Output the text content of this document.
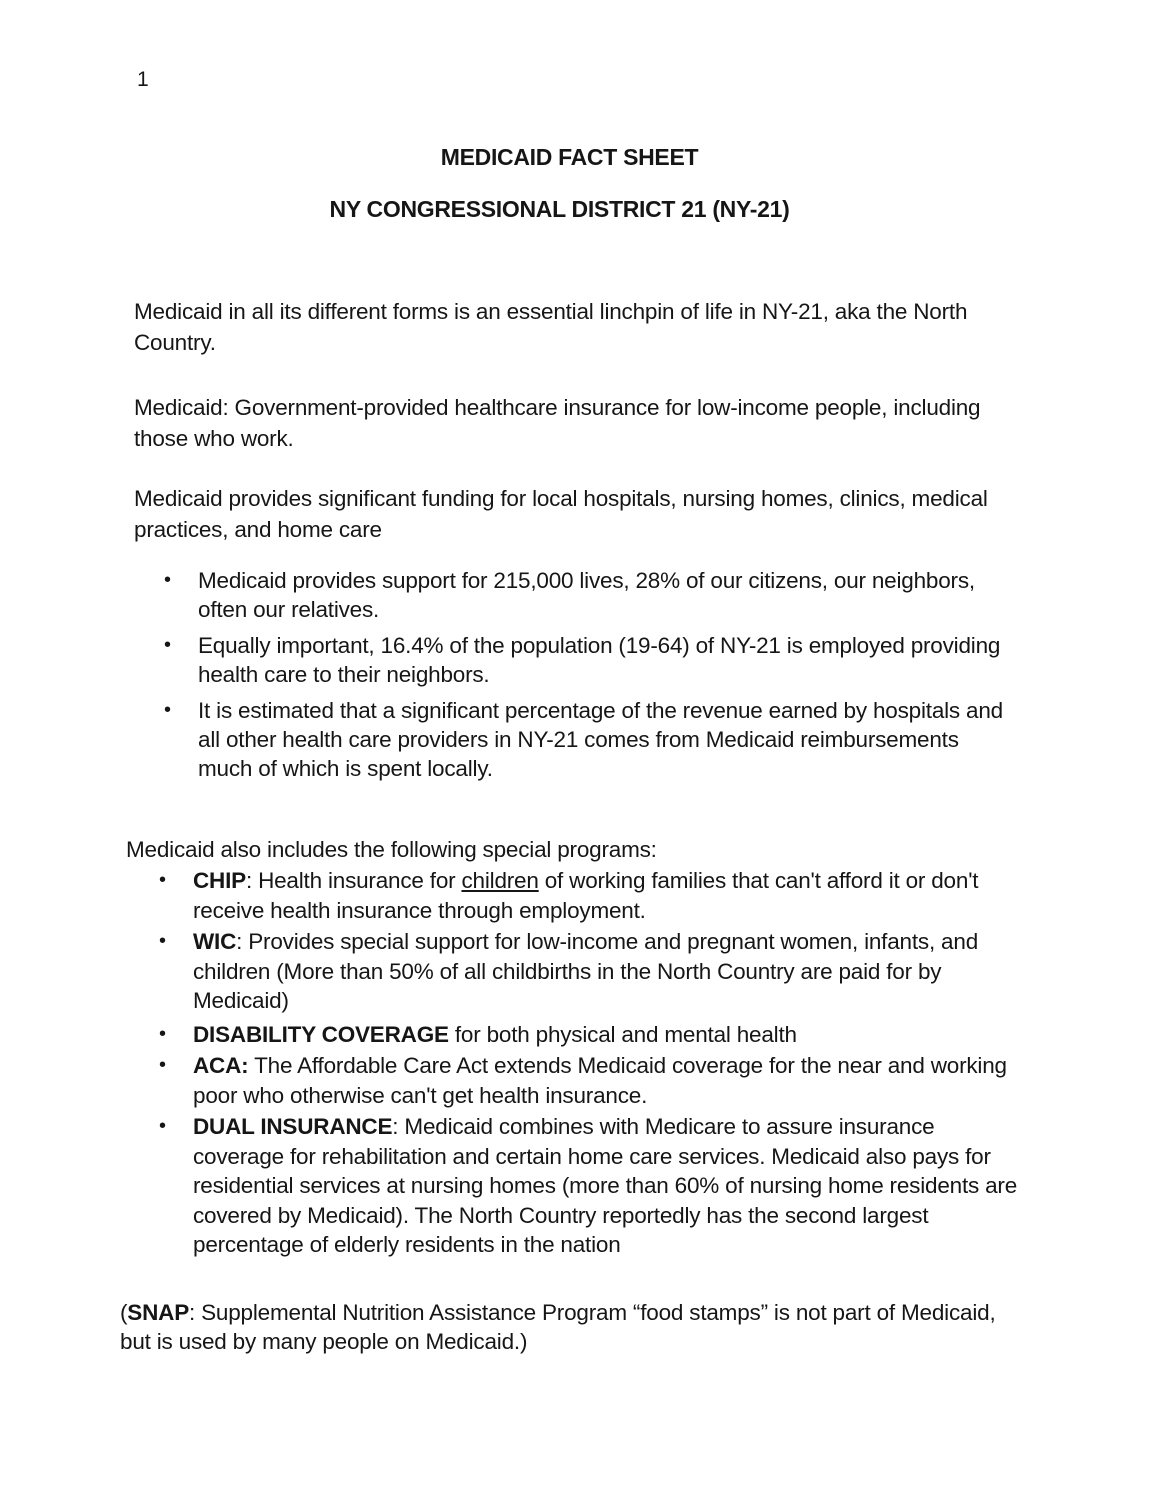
1
MEDICAID FACT SHEET
NY CONGRESSIONAL DISTRICT 21 (NY-21)
Medicaid in all its different forms is an essential linchpin of life in NY-21, aka the North Country.
Medicaid: Government-provided healthcare insurance for low-income people, including those who work.
Medicaid provides significant funding for local hospitals, nursing homes, clinics, medical practices, and home care
• Medicaid provides support for 215,000 lives, 28% of our citizens, our neighbors, often our relatives.
• Equally important, 16.4% of the population (19-64) of NY-21 is employed providing health care to their neighbors.
• It is estimated that a significant percentage of the revenue earned by hospitals and all other health care providers in NY-21 comes from Medicaid reimbursements much of which is spent locally.
Medicaid also includes the following special programs:
• CHIP: Health insurance for children of working families that can't afford it or don't receive health insurance through employment.
• WIC: Provides special support for low-income and pregnant women, infants, and children (More than 50% of all childbirths in the North Country are paid for by Medicaid)
• DISABILITY COVERAGE for both physical and mental health
• ACA: The Affordable Care Act extends Medicaid coverage for the near and working poor who otherwise can't get health insurance.
• DUAL INSURANCE: Medicaid combines with Medicare to assure insurance coverage for rehabilitation and certain home care services. Medicaid also pays for residential services at nursing homes (more than 60% of nursing home residents are covered by Medicaid). The North Country reportedly has the second largest percentage of elderly residents in the nation
(SNAP: Supplemental Nutrition Assistance Program “food stamps” is not part of Medicaid, but is used by many people on Medicaid.)
